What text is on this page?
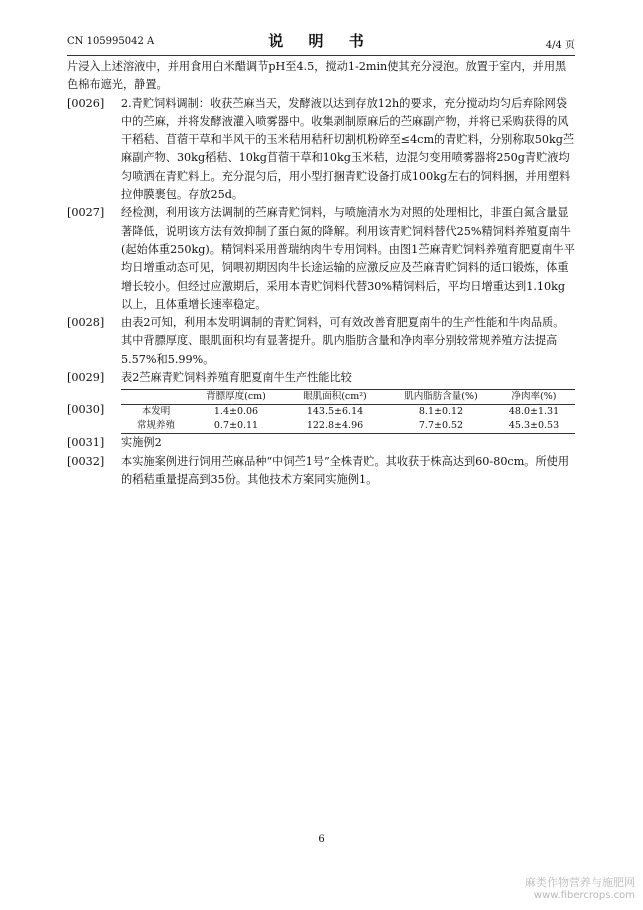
CN 105995042 A	说 明 书	4/4 页
片浸入上述溶液中，并用食用白米醋调节pH至4.5，搅动1-2min使其充分浸泡。放置于室内，并用黑色棉布遮光，静置。
[0026]	2.青贮饲料调制：收获苎麻当天，发酵液以达到存放12h的要求，充分搅动均匀后弃除网袋中的苎麻，并将发酵液灌入喷雾器中。收集剥制原麻后的苎麻副产物，并将已采购获得的风干稻秸、苜蓿干草和半风干的玉米秸用秸秆切割机粉碎至≤4cm的青贮料，分别称取50kg苎麻副产物、30kg稻秸、10kg苜蓿干草和10kg玉米秸，边混匀变用喷雾器将250g青贮液均匀喷洒在青贮料上。充分混匀后，用小型打捆青贮设备打成100kg左右的饲料捆，并用塑料拉伸膜裹包。存放25d。
[0027]	经检测，利用该方法调制的苎麻青贮饲料，与喷施清水为对照的处理相比，非蛋白氮含量显著降低，说明该方法有效抑制了蛋白氮的降解。利用该青贮饲料替代25%精饲料养殖夏南牛(起始体重250kg)。精饲料采用普瑞纳肉牛专用饲料。由图1苎麻青贮饲料养殖育肥夏南牛平均日增重动态可见，饲喂初期因肉牛长途运输的应激反应及苎麻青贮饲料的适口锻炼，体重增长较小。但经过应激期后，采用本青贮饲料代替30%精饲料后，平均日增重达到1.10kg以上，且体重增长速率稳定。
[0028]	由表2可知，利用本发明调制的青贮饲料，可有效改善育肥夏南牛的生产性能和牛肉品质。其中背膘厚度、眼肌面积均有显著提升。肌内脂肪含量和净肉率分别较常规养殖方法提高5.57%和5.99%。
[0029]	表2苎麻青贮饲料养殖育肥夏南牛生产性能比较
[0030]
	背膘厚度(cm)	眼肌面积(cm²)	肌内脂肪含量(%)	净肉率(%)
本发明	1.4±0.06	143.5±6.14	8.1±0.12	48.0±1.31
常规养殖	0.7±0.11	122.8±4.96	7.7±0.52	45.3±0.53
[0031]	实施例2
[0032]	本实施案例进行饲用苎麻品种“中饲苎1号”全株青贮。其收获于株高达到60-80cm。所使用的稻秸重量提高到35份。其他技术方案同实施例1。
6
麻类作物营养与施肥网
www.fibercrops.com
